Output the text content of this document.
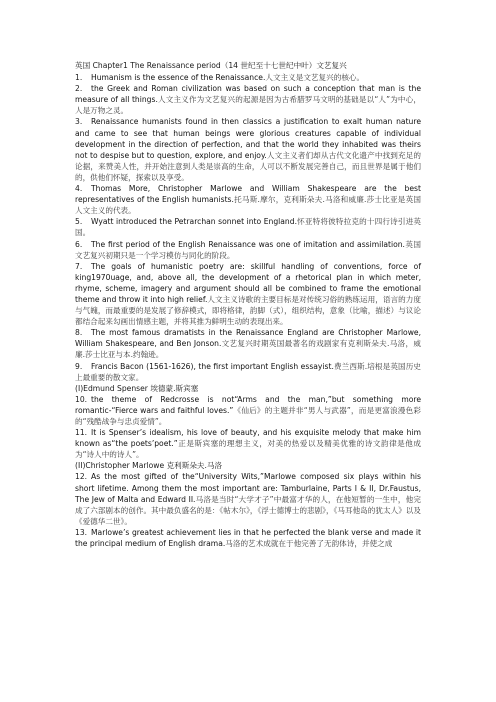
英国 Chapter1 The Renaissance period（14 世纪至十七世纪中叶）文艺复兴

1. Humanism is the essence of the Renaissance.人文主义是文艺复兴的核心。

2. the Greek and Roman civilization was based on such a conception that man is the measure of all things.人文主义作为文艺复兴的起源是因为古希腊罗马文明的基础是以“人”为中心，人是万物之灵。

3. Renaissance humanists found in then classics a justification to exalt human nature and came to see that human beings were glorious creatures capable of individual development in the direction of perfection, and that the world they inhabited was theirs not to despise but to question, explore, and enjoy.人文主义者们却从古代文化遗产中找到充足的论据，来赞美人性，并开始注意到人类是崇高的生命，人可以不断发展完善自己，而且世界是属于他们的，供他们怀疑，探索以及享受。

4. Thomas More, Christopher Marlowe and William Shakespeare are the best representatives of the English humanists.托马斯.摩尔，克利斯朵夫.马洛和威廉.莎士比亚是英国人文主义的代表。

5. Wyatt introduced the Petrarchan sonnet into England.怀亚特将彼特拉克的十四行诗引进英国。

6. The first period of the English Renaissance was one of imitation and assimilation.英国文艺复兴初期只是一个学习模仿与同化的阶段。

7. The goals of humanistic poetry are: skillful handling of conventions, force of king1970uage, and, above all, the development of a rhetorical plan in which meter, rhyme, scheme, imagery and argument should all be combined to frame the emotional theme and throw it into high relief.人文主义诗歌的主要目标是对传统习俗的熟练运用，语言的力度与气魄，而最重要的是发展了修辞模式，即将格律，韵脚（式），组织结构，意象（比喻，描述）与议论都结合起来勾画出情感主题，并将其推为鲜明生动的表现出来。

8. The most famous dramatists in the Renaissance England are Christopher Marlowe, William Shakespeare, and Ben Jonson.文艺复兴时期英国最著名的戏剧家有克利斯朵夫.马洛，威廉.莎士比亚与本.约翰逊。

9. Francis Bacon (1561-1626), the first important English essayist.费兰西斯.培根是英国历史上最重要的散文家。

(I)Edmund Spenser 埃德蒙.斯宾塞

10. the theme of Redcrosse is not“Arms and the man,”but something more romantic-“Fierce wars and faithful loves.”《仙后》的主题并非“男人与武器”，而是更富浪漫色彩的“残酷战争与忠贞爱情”。

11. It is Spenser’s idealism, his love of beauty, and his exquisite melody that make him known as“the poets’poet.”正是斯宾塞的理想主义，对美的热爱以及精美优雅的诗文韵律是他成为“诗人中的诗人”。

(II)Christopher Marlowe 克利斯朵夫.马洛

12. As the most gifted of the“University Wits,”Marlowe composed six plays within his short lifetime. Among them the most important are: Tamburlaine, Parts I & II, Dr.Faustus, The Jew of Malta and Edward II.马洛是当时“大学才子”中最富才华的人，在他短暂的一生中，他完成了六部剧本的创作。其中最负盛名的是：《帖木尔》，《浮士德博士的悲剧》，《马耳他岛的犹太人》以及《爱德华二世》。

13. Marlowe’s greatest achievement lies in that he perfected the blank verse and made it the principal medium of English drama.马洛的艺术成就在于他完善了无韵体诗，并使之成
